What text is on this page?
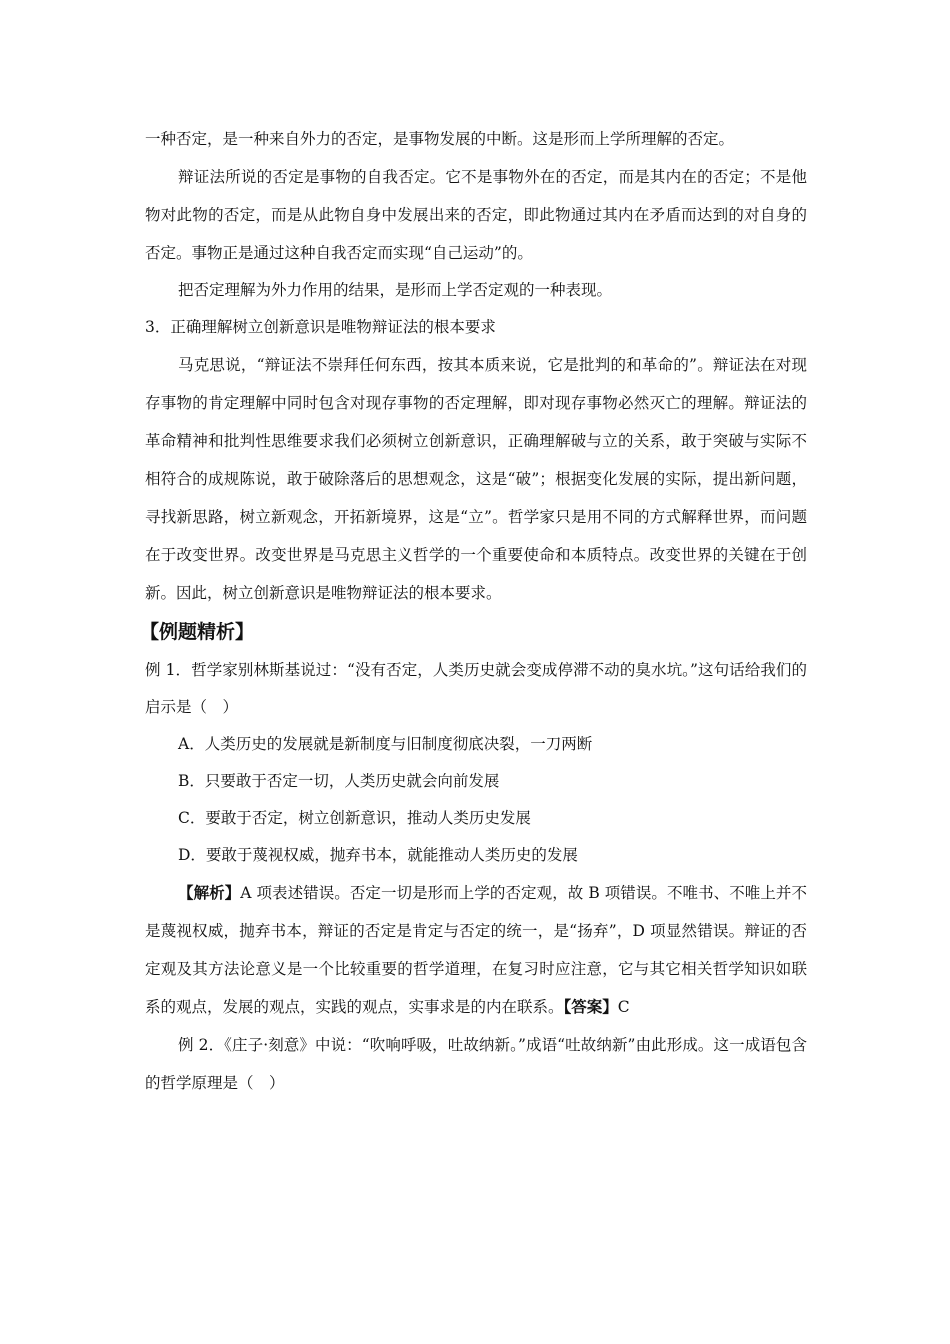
一种否定，是一种来自外力的否定，是事物发展的中断。这是形而上学所理解的否定。

辩证法所说的否定是事物的自我否定。它不是事物外在的否定，而是其内在的否定；不是他物对此物的否定，而是从此物自身中发展出来的否定，即此物通过其内在矛盾而达到的对自身的否定。事物正是通过这种自我否定而实现“自己运动”的。

把否定理解为外力作用的结果，是形而上学否定观的一种表现。

3．正确理解树立创新意识是唯物辩证法的根本要求

马克思说，“辩证法不崇拜任何东西，按其本质来说，它是批判的和革命的”。辩证法在对现存事物的肯定理解中同时包含对现存事物的否定理解，即对现存事物必然灭亡的理解。辩证法的革命精神和批判性思维要求我们必须树立创新意识，正确理解破与立的关系，敢于突破与实际不相符合的成规陈说，敢于破除落后的思想观念，这是“破”；根据变化发展的实际，提出新问题，寻找新思路，树立新观念，开拓新境界，这是“立”。哲学家只是用不同的方式解释世界，而问题在于改变世界。改变世界是马克思主义哲学的一个重要使命和本质特点。改变世界的关键在于创新。因此，树立创新意识是唯物辩证法的根本要求。

【例题精析】

例 1．哲学家别林斯基说过：“没有否定，人类历史就会变成停滞不动的臭水坑。”这句话给我们的启示是（　）

A．人类历史的发展就是新制度与旧制度彻底决裂，一刀两断
B．只要敢于否定一切，人类历史就会向前发展
C．要敢于否定，树立创新意识，推动人类历史发展
D．要敢于蔑视权威，抛弃书本，就能推动人类历史的发展

【解析】A 项表述错误。否定一切是形而上学的否定观，故 B 项错误。不唯书、不唯上并不是蔑视权威，抛弃书本，辩证的否定是肯定与否定的统一，是“扬弃”，D 项显然错误。辩证的否定观及其方法论意义是一个比较重要的哲学道理，在复习时应注意，它与其它相关哲学知识如联系的观点，发展的观点，实践的观点，实事求是的内在联系。【答案】C

例 2．《庄子·刻意》中说：“吹响呼吸，吐故纳新。”成语“吐故纳新”由此形成。这一成语包含的哲学原理是（　）
